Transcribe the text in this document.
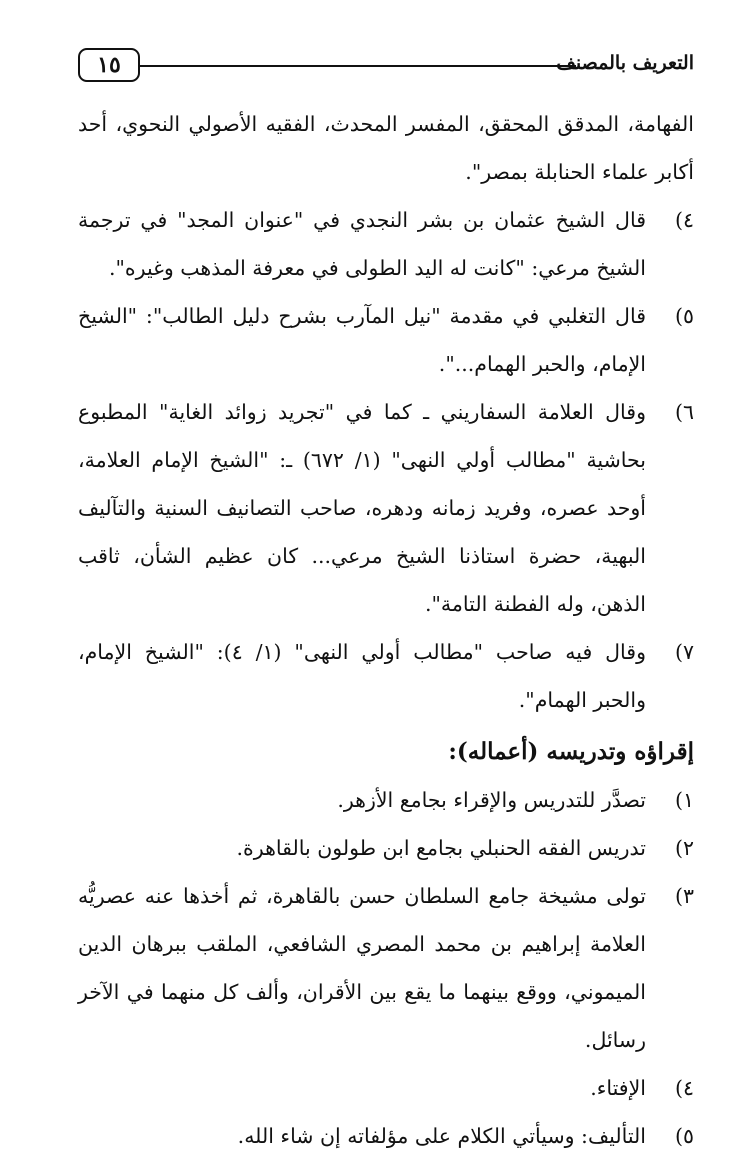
التعريف بالمصنف
١٥

الفهامة، المدقق المحقق، المفسر المحدث، الفقيه الأصولي النحوي، أحد أكابر علماء الحنابلة بمصر".

٤)
قال الشيخ عثمان بن بشر النجدي في "عنوان المجد" في ترجمة الشيخ مرعي: "كانت له اليد الطولى في معرفة المذهب وغيره".
٥)
قال التغلبي في مقدمة "نيل المآرب بشرح دليل الطالب": "الشيخ الإمام، والحبر الهمام...".
٦)
وقال العلامة السفاريني ـ كما في "تجريد زوائد الغاية" المطبوع بحاشية "مطالب أولي النهى" (١/ ٦٧٢) ـ: "الشيخ الإمام العلامة، أوحد عصره، وفريد زمانه ودهره، صاحب التصانيف السنية والتآليف البهية، حضرة استاذنا الشيخ مرعي... كان عظيم الشأن، ثاقب الذهن، وله الفطنة التامة".
٧)
وقال فيه صاحب "مطالب أولي النهى" (١/ ٤): "الشيخ الإمام، والحبر الهمام".
إقراؤه وتدريسه (أعماله):
١)
تصدَّر للتدريس والإقراء بجامع الأزهر.
٢)
تدريس الفقه الحنبلي بجامع ابن طولون بالقاهرة.
٣)
تولى مشيخة جامع السلطان حسن بالقاهرة، ثم أخذها عنه عصريُّه العلامة إبراهيم بن محمد المصري الشافعي، الملقب ببرهان الدين الميموني، ووقع بينهما ما يقع بين الأقران، وألف كل منهما في الآخر رسائل.
٤)
الإفتاء.
٥)
التأليف: وسيأتي الكلام على مؤلفاته إن شاء الله.
